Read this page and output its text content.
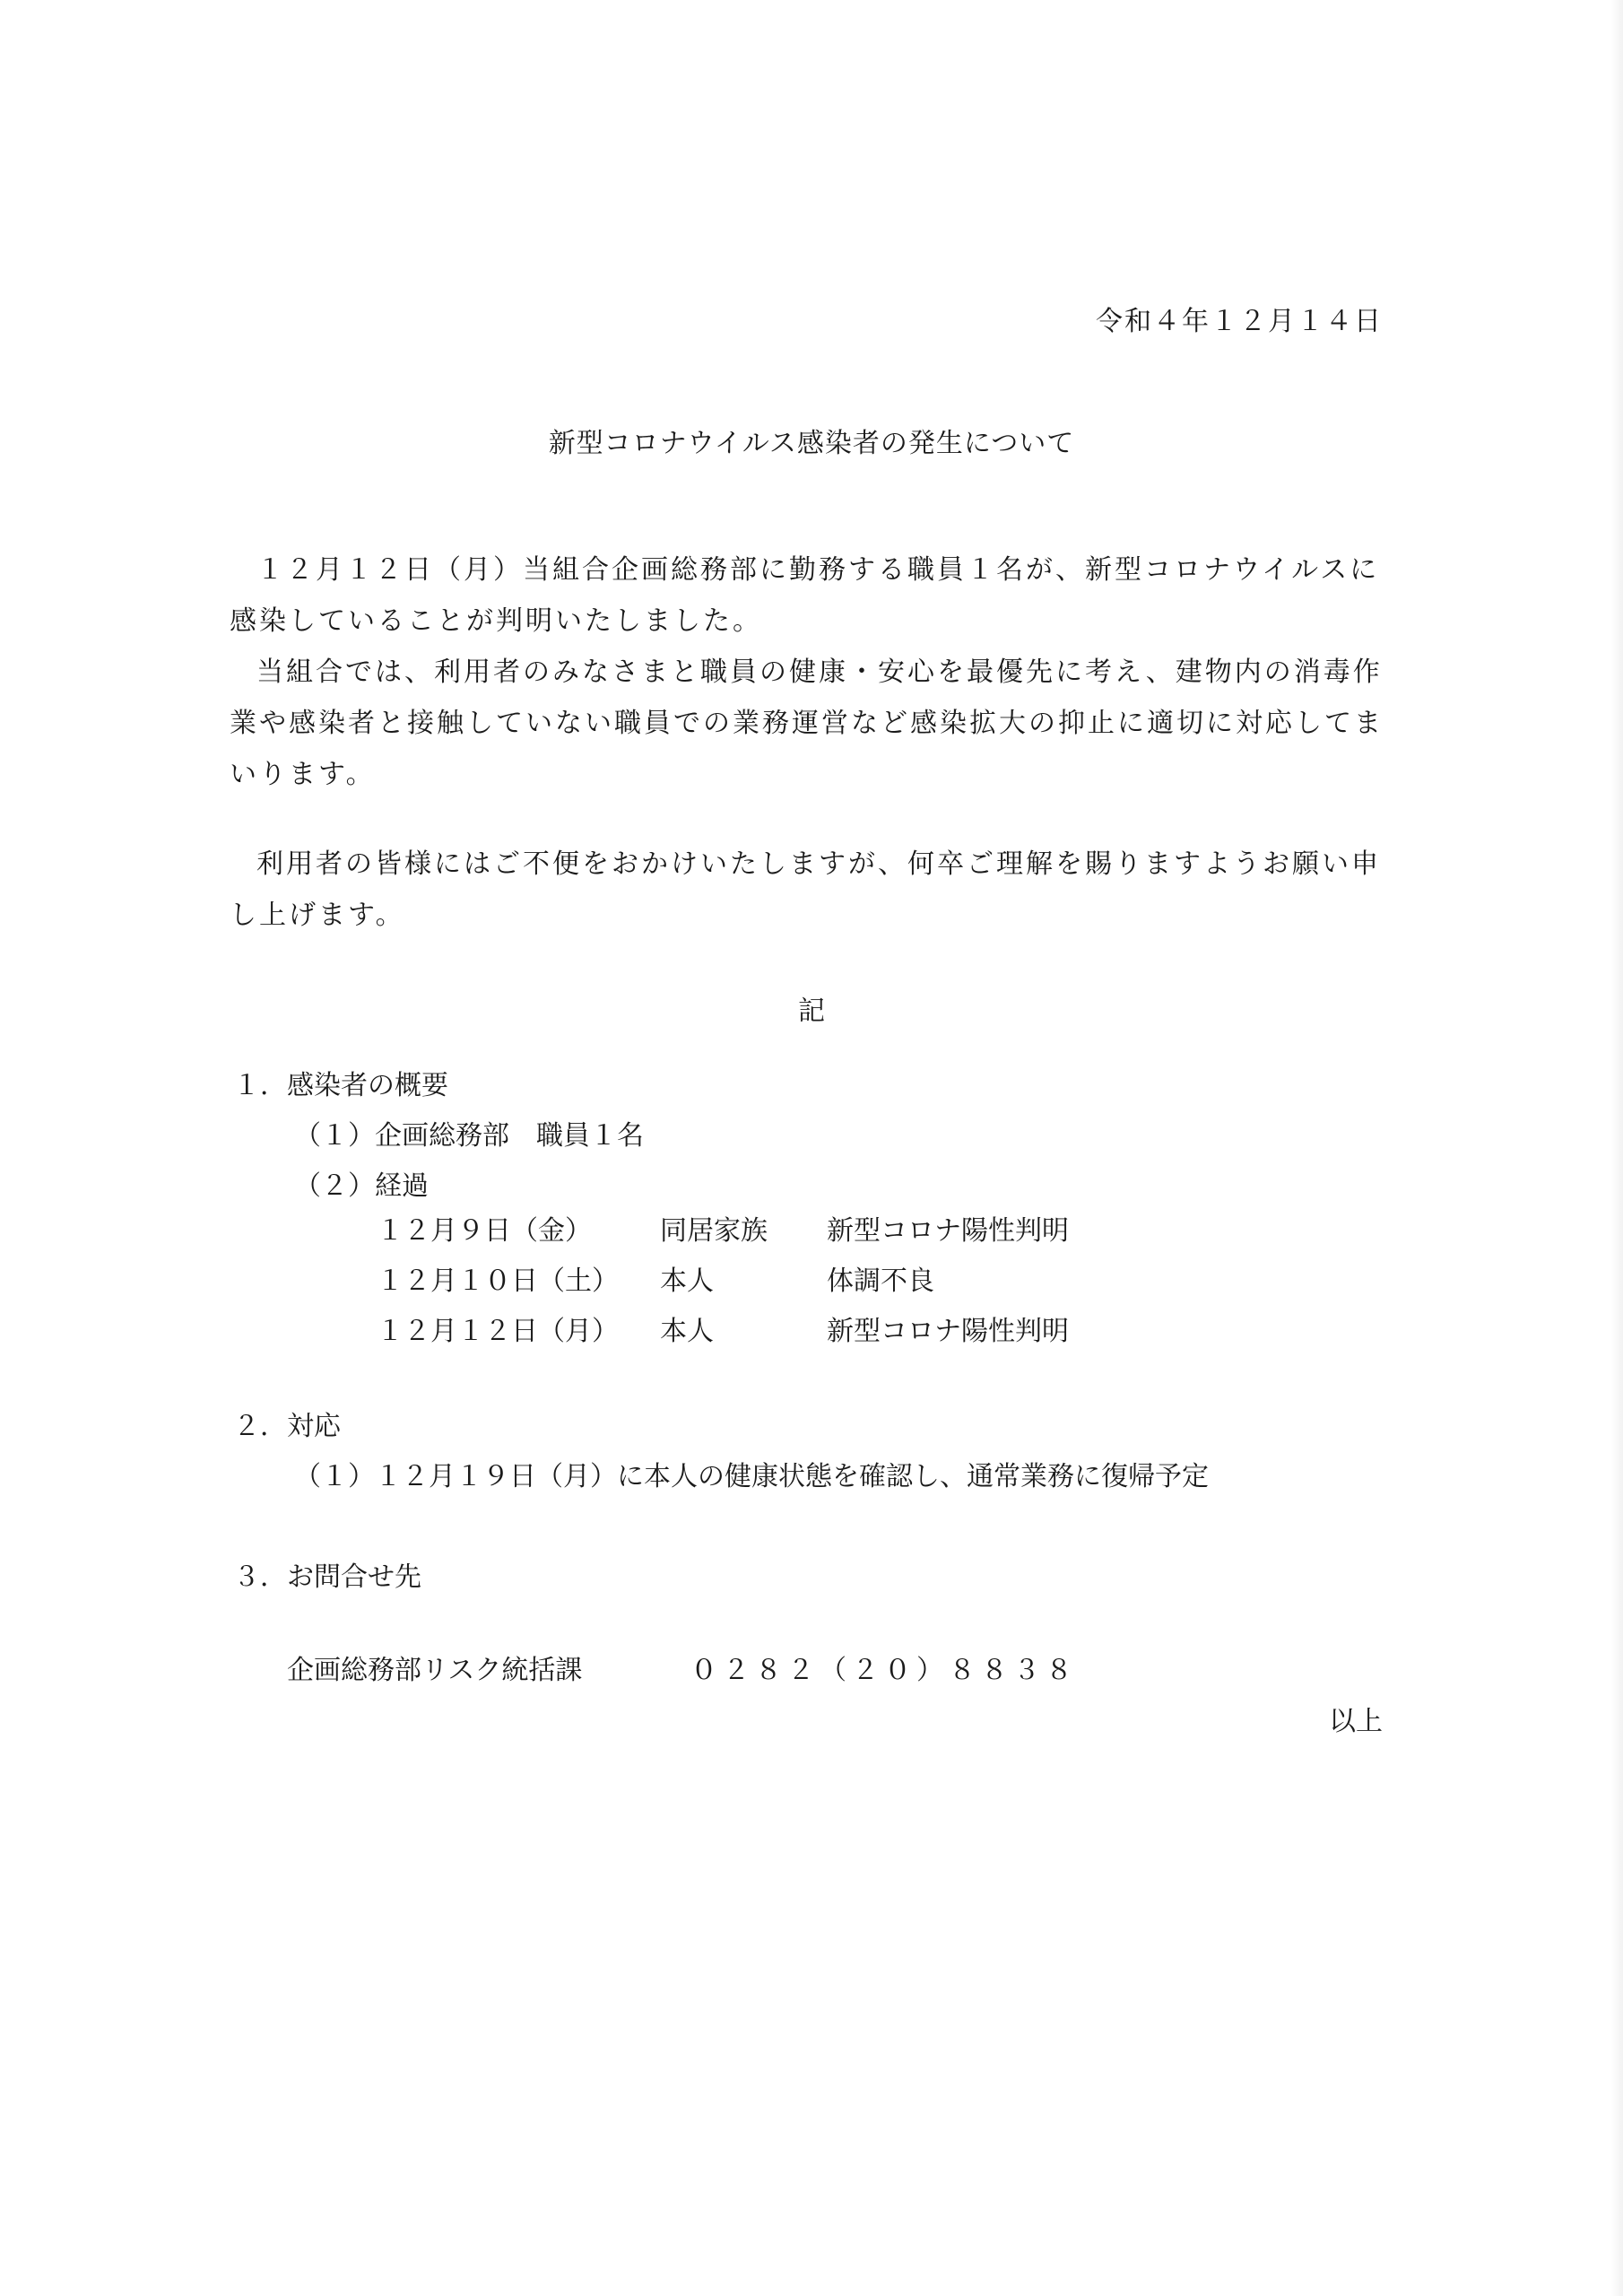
令和４年１２月１４日
新型コロナウイルス感染者の発生について

１２月１２日（月）当組合企画総務部に勤務する職員１名が、新型コロナウイルスに感染していることが判明いたしました。

当組合では、利用者のみなさまと職員の健康・安心を最優先に考え、建物内の消毒作業や感染者と接触していない職員での業務運営など感染拡大の抑止に適切に対応してまいります。

利用者の皆様にはご不便をおかけいたしますが、何卒ご理解を賜りますようお願い申し上げます。

記
１．感染者の概要
（１）企画総務部　職員１名
（２）経過
１２月９日（金）	同居家族 新型コロナ陽性判明
１２月１０日（土） 本人	体調不良
１２月１２日（月） 本人	新型コロナ陽性判明
２．対応
（１）１２月１９日（月）に本人の健康状態を確認し、通常業務に復帰予定
３．お問合せ先
企画総務部リスク統括課	０２８２（２０）８８３８
以上
